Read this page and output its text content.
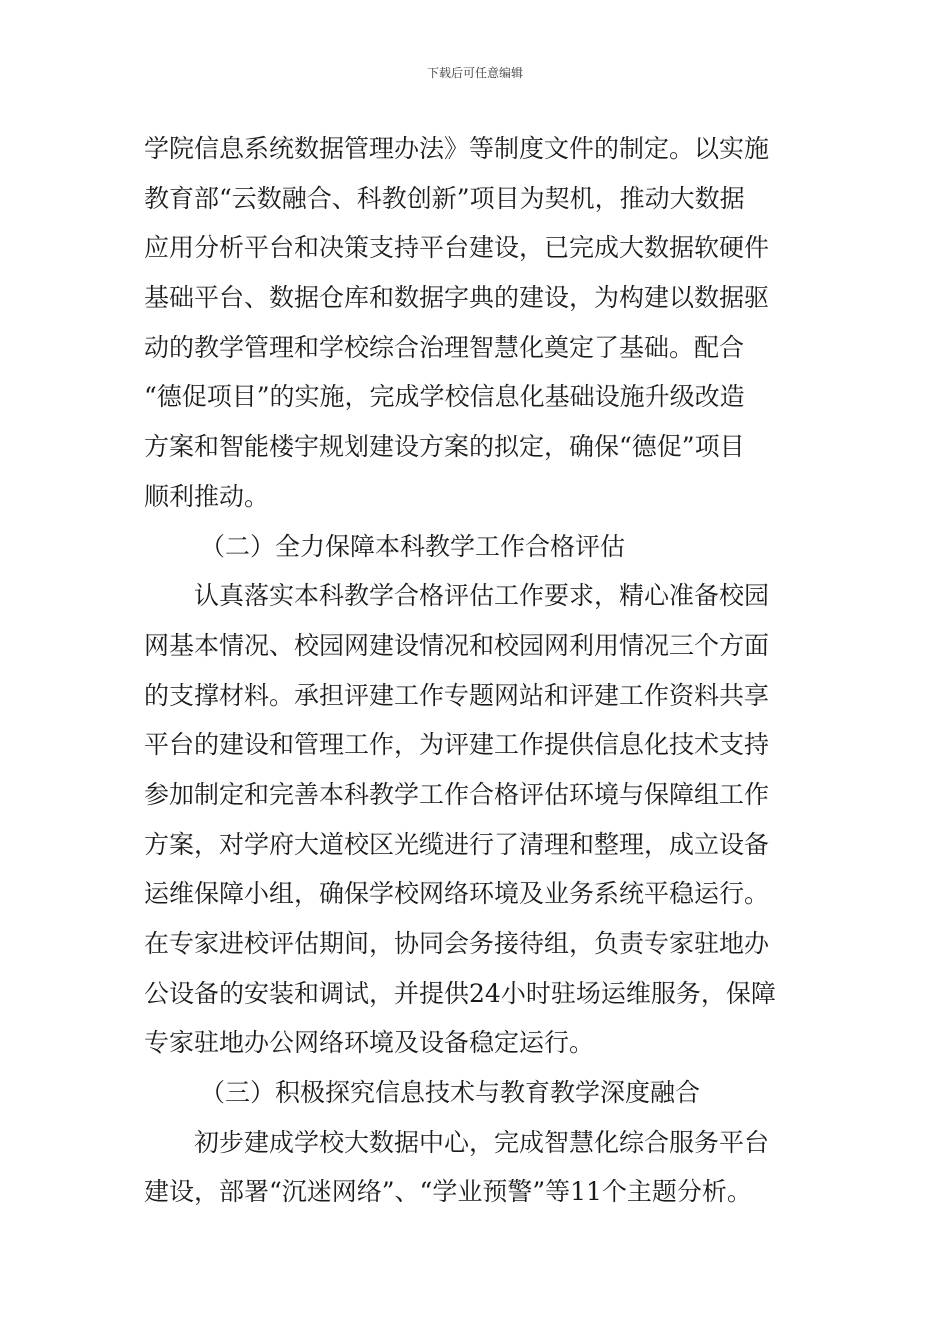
下载后可任意编辑
学院信息系统数据管理办法》等制度文件的制定。以实施
教育部“云数融合、科教创新”项目为契机，推动大数据
应用分析平台和决策支持平台建设，已完成大数据软硬件
基础平台、数据仓库和数据字典的建设，为构建以数据驱
动的教学管理和学校综合治理智慧化奠定了基础。配合
“德促项目”的实施，完成学校信息化基础设施升级改造
方案和智能楼宇规划建设方案的拟定，确保“德促”项目
顺利推动。
（二）全力保障本科教学工作合格评估
认真落实本科教学合格评估工作要求，精心准备校园
网基本情况、校园网建设情况和校园网利用情况三个方面
的支撑材料。承担评建工作专题网站和评建工作资料共享
平台的建设和管理工作，为评建工作提供信息化技术支持
参加制定和完善本科教学工作合格评估环境与保障组工作
方案，对学府大道校区光缆进行了清理和整理，成立设备
运维保障小组，确保学校网络环境及业务系统平稳运行。
在专家进校评估期间，协同会务接待组，负责专家驻地办
公设备的安装和调试，并提供24小时驻场运维服务，保障
专家驻地办公网络环境及设备稳定运行。
（三）积极探究信息技术与教育教学深度融合
初步建成学校大数据中心，完成智慧化综合服务平台
建设，部署“沉迷网络”、“学业预警”等11个主题分析。
